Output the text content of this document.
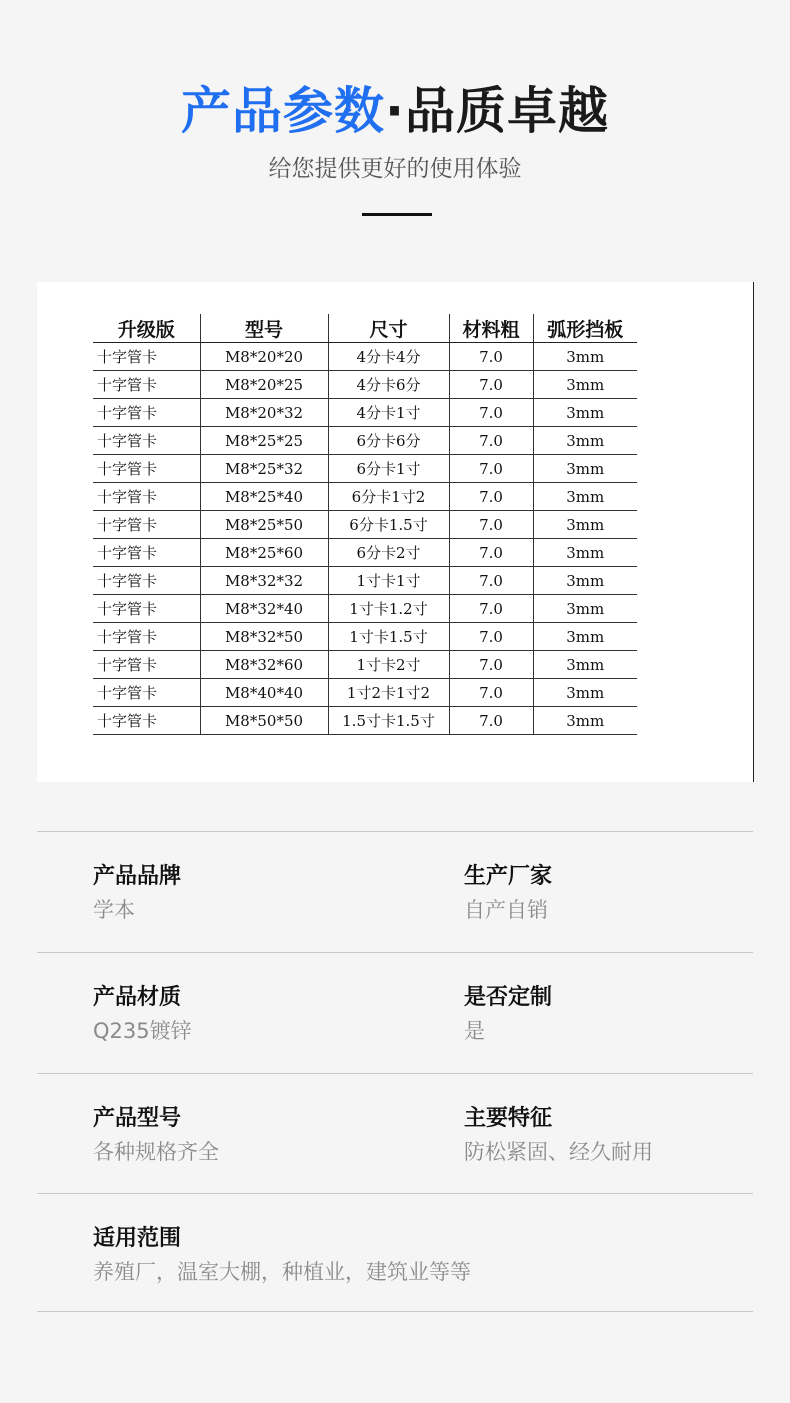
产品参数·品质卓越
给您提供更好的使用体验
升级版	型号	尺寸	材料粗	弧形挡板
十字管卡	M8*20*20	4分卡4分	7.0	3mm
十字管卡	M8*20*25	4分卡6分	7.0	3mm
十字管卡	M8*20*32	4分卡1寸	7.0	3mm
十字管卡	M8*25*25	6分卡6分	7.0	3mm
十字管卡	M8*25*32	6分卡1寸	7.0	3mm
十字管卡	M8*25*40	6分卡1寸2	7.0	3mm
十字管卡	M8*25*50	6分卡1.5寸	7.0	3mm
十字管卡	M8*25*60	6分卡2寸	7.0	3mm
十字管卡	M8*32*32	1寸卡1寸	7.0	3mm
十字管卡	M8*32*40	1寸卡1.2寸	7.0	3mm
十字管卡	M8*32*50	1寸卡1.5寸	7.0	3mm
十字管卡	M8*32*60	1寸卡2寸	7.0	3mm
十字管卡	M8*40*40	1寸2卡1寸2	7.0	3mm
十字管卡	M8*50*50	1.5寸卡1.5寸	7.0	3mm
产品品牌
学本
生产厂家
自产自销
产品材质
Q235镀锌
是否定制
是
产品型号
各种规格齐全
主要特征
防松紧固、经久耐用
适用范围
养殖厂，温室大棚，种植业，建筑业等等
